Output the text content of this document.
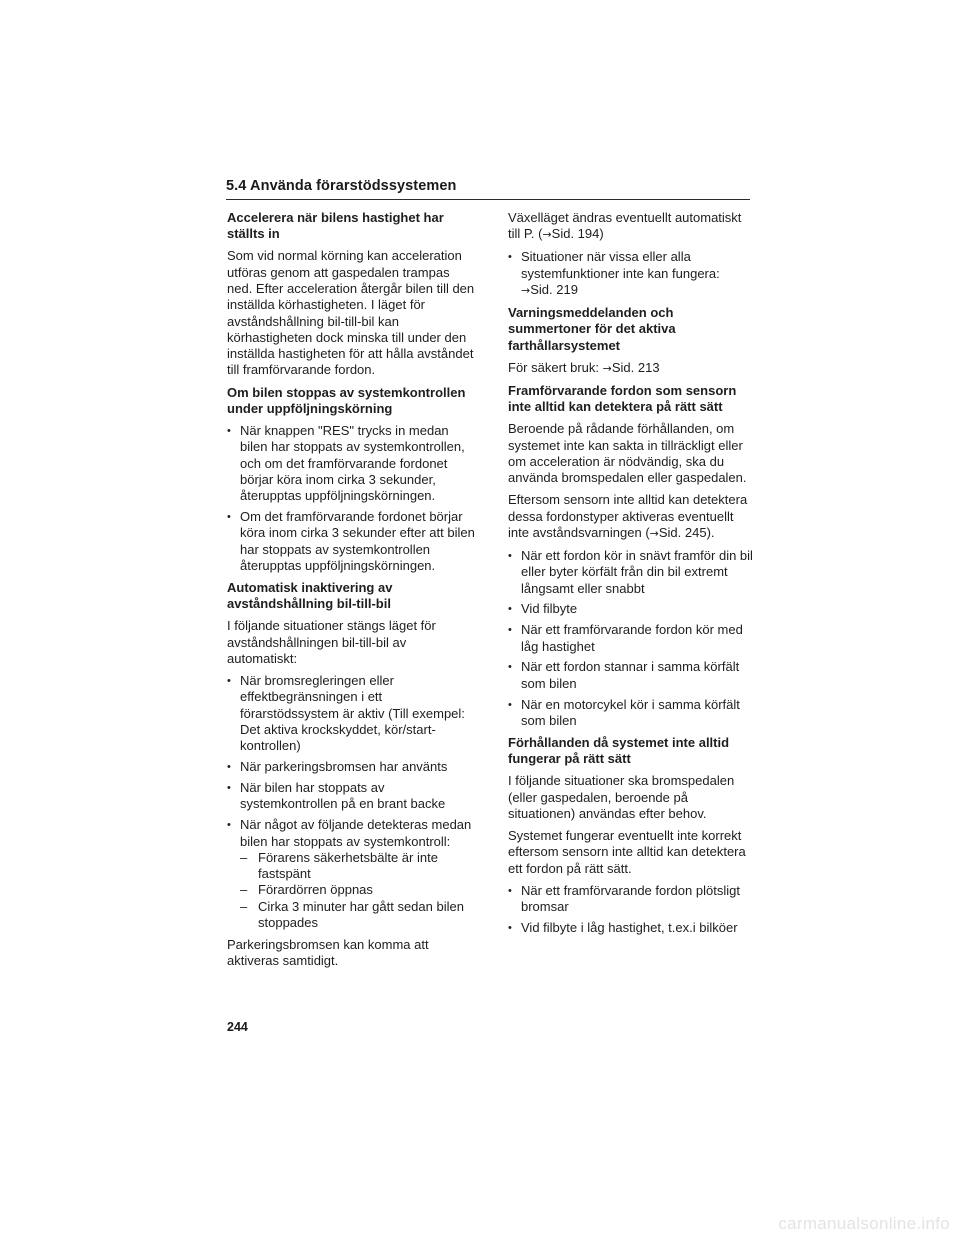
5.4 Använda förarstödssystemen
Accelerera när bilens hastighet har ställts in

Som vid normal körning kan acceleration utföras genom att gaspedalen trampas ned. Efter acceleration återgår bilen till den inställda körhastigheten. I läget för avståndshållning bil-till-bil kan körhastigheten dock minska till under den inställda hastigheten för att hålla avståndet till framförvarande fordon.

Om bilen stoppas av systemkontrollen under uppföljningskörning
• När knappen "RES" trycks in medan bilen har stoppats av systemkontrollen, och om det framförvarande fordonet börjar köra inom cirka 3 sekunder, återupptas uppföljningskörningen.
• Om det framförvarande fordonet börjar köra inom cirka 3 sekunder efter att bilen har stoppats av systemkontrollen återupptas uppföljningskörningen.
Automatisk inaktivering av avståndshållning bil-till-bil

I följande situationer stängs läget för avståndshållningen bil-till-bil av automatiskt:

• När bromsregleringen eller effektbegränsningen i ett förarstödssystem är aktiv (Till exempel: Det aktiva krockskyddet, kör/start-kontrollen)
• När parkeringsbromsen har använts
• När bilen har stoppats av systemkontrollen på en brant backe
• När något av följande detekteras medan bilen har stoppats av systemkontroll:
– Förarens säkerhetsbälte är inte fastspänt
– Förardörren öppnas
– Cirka 3 minuter har gått sedan bilen stoppades

Parkeringsbromsen kan komma att aktiveras samtidigt.

Växelläget ändras eventuellt automatiskt till P. (→Sid. 194)

• Situationer när vissa eller alla systemfunktioner inte kan fungera:
→Sid. 219
Varningsmeddelanden och summertoner för det aktiva farthållarsystemet

För säkert bruk: →Sid. 213

Framförvarande fordon som sensorn inte alltid kan detektera på rätt sätt

Beroende på rådande förhållanden, om systemet inte kan sakta in tillräckligt eller om acceleration är nödvändig, ska du använda bromspedalen eller gaspedalen.

Eftersom sensorn inte alltid kan detektera dessa fordonstyper aktiveras eventuellt inte avståndsvarningen (→Sid. 245).

• När ett fordon kör in snävt framför din bil eller byter körfält från din bil extremt långsamt eller snabbt
• Vid filbyte
• När ett framförvarande fordon kör med låg hastighet
• När ett fordon stannar i samma körfält som bilen
• När en motorcykel kör i samma körfält som bilen
Förhållanden då systemet inte alltid fungerar på rätt sätt

I följande situationer ska bromspedalen (eller gaspedalen, beroende på situationen) användas efter behov.

Systemet fungerar eventuellt inte korrekt eftersom sensorn inte alltid kan detektera ett fordon på rätt sätt.

• När ett framförvarande fordon plötsligt bromsar
• Vid filbyte i låg hastighet, t.ex.i bilköer
244
carmanualsonline.info
